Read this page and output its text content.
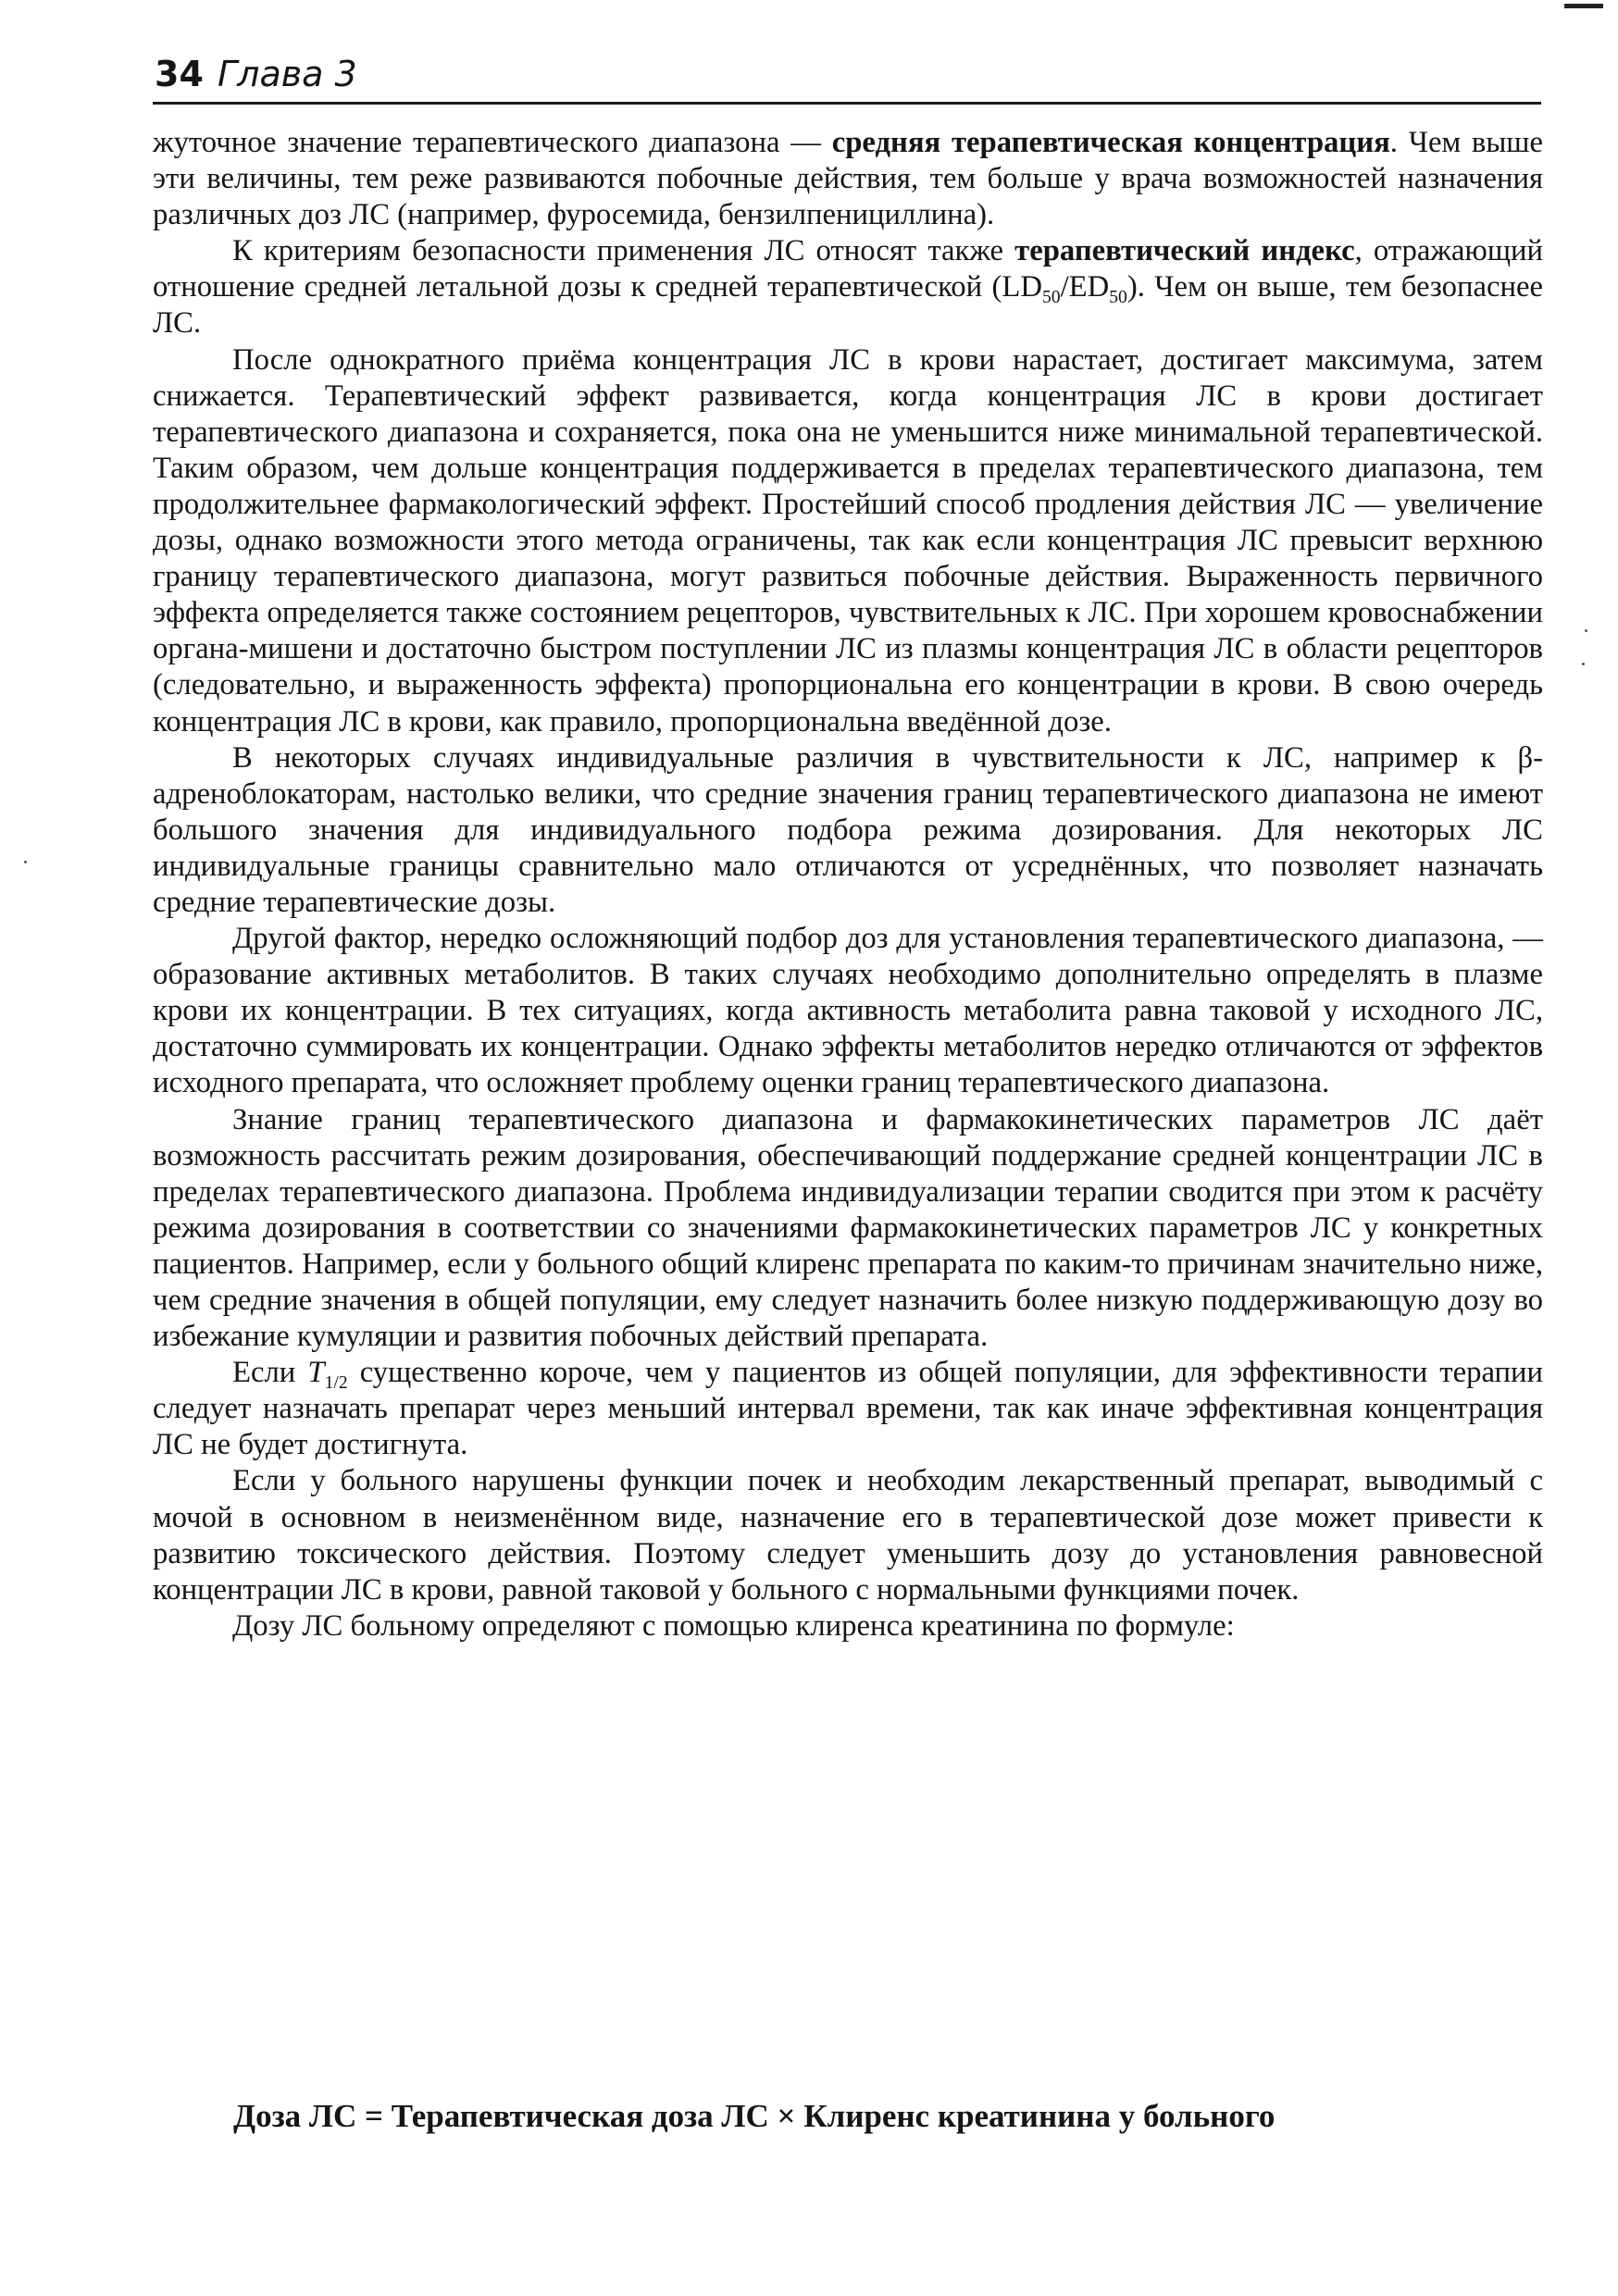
34 Глава 3

жуточное значение терапевтического диапазона — средняя терапевтическая концентрация. Чем выше эти величины, тем реже развиваются побочные действия, тем больше у врача возможностей назначения различных доз ЛС (например, фуросемида, бензилпенициллина).

К критериям безопасности применения ЛС относят также терапевтический индекс, отражающий отношение средней летальной дозы к средней терапевтической $(LD_{50}/ED_{50})$. Чем он выше, тем безопаснее ЛС.

После однократного приёма концентрация ЛС в крови нарастает, достигает максимума, затем снижается. Терапевтический эффект развивается, когда концентрация ЛС в крови достигает терапевтического диапазона и сохраняется, пока она не уменьшится ниже минимальной терапевтической. Таким образом, чем дольше концентрация поддерживается в пределах терапевтического диапазона, тем продолжительнее фармакологический эффект. Простейший способ продления действия ЛС — увеличение дозы, однако возможности этого метода ограничены, так как если концентрация ЛС превысит верхнюю границу терапевтического диапазона, могут развиться побочные действия. Выраженность первичного эффекта определяется также состоянием рецепторов, чувствительных к ЛС. При хорошем кровоснабжении органа-мишени и достаточно быстром поступлении ЛС из плазмы концентрация ЛС в области рецепторов (следовательно, и выраженность эффекта) пропорциональна его концентрации в крови. В свою очередь концентрация ЛС в крови, как правило, пропорциональна введённой дозе.

В некоторых случаях индивидуальные различия в чувствительности к ЛС, например к β-адреноблокаторам, настолько велики, что средние значения границ терапевтического диапазона не имеют большого значения для индивидуального подбора режима дозирования. Для некоторых ЛС индивидуальные границы сравнительно мало отличаются от усреднённых, что позволяет назначать средние терапевтические дозы.

Другой фактор, нередко осложняющий подбор доз для установления терапевтического диапазона, — образование активных метаболитов. В таких случаях необходимо дополнительно определять в плазме крови их концентрации. В тех ситуациях, когда активность метаболита равна таковой у исходного ЛС, достаточно суммировать их концентрации. Однако эффекты метаболитов нередко отличаются от эффектов исходного препарата, что осложняет проблему оценки границ терапевтического диапазона.

Знание границ терапевтического диапазона и фармакокинетических параметров ЛС даёт возможность рассчитать режим дозирования, обеспечивающий поддержание средней концентрации ЛС в пределах терапевтического диапазона. Проблема индивидуализации терапии сводится при этом к расчёту режима дозирования в соответствии со значениями фармакокинетических параметров ЛС у конкретных пациентов. Например, если у больного общий клиренс препарата по каким-то причинам значительно ниже, чем средние значения в общей популяции, ему следует назначить более низкую поддерживающую дозу во избежание кумуляции и развития побочных действий препарата.

Если $T_{1/2}$ существенно короче, чем у пациентов из общей популяции, для эффективности терапии следует назначать препарат через меньший интервал времени, так как иначе эффективная концентрация ЛС не будет достигнута.

Если у больного нарушены функции почек и необходим лекарственный препарат, выводимый с мочой в основном в неизменённом виде, назначение его в терапевтической дозе может привести к развитию токсического действия. Поэтому следует уменьшить дозу до установления равновесной концентрации ЛС в крови, равной таковой у больного с нормальными функциями почек.

Дозу ЛС больному определяют с помощью клиренса креатинина по формуле:

Доза ЛС = Терапевтическая доза ЛС × Клиренс креатинина у больного
